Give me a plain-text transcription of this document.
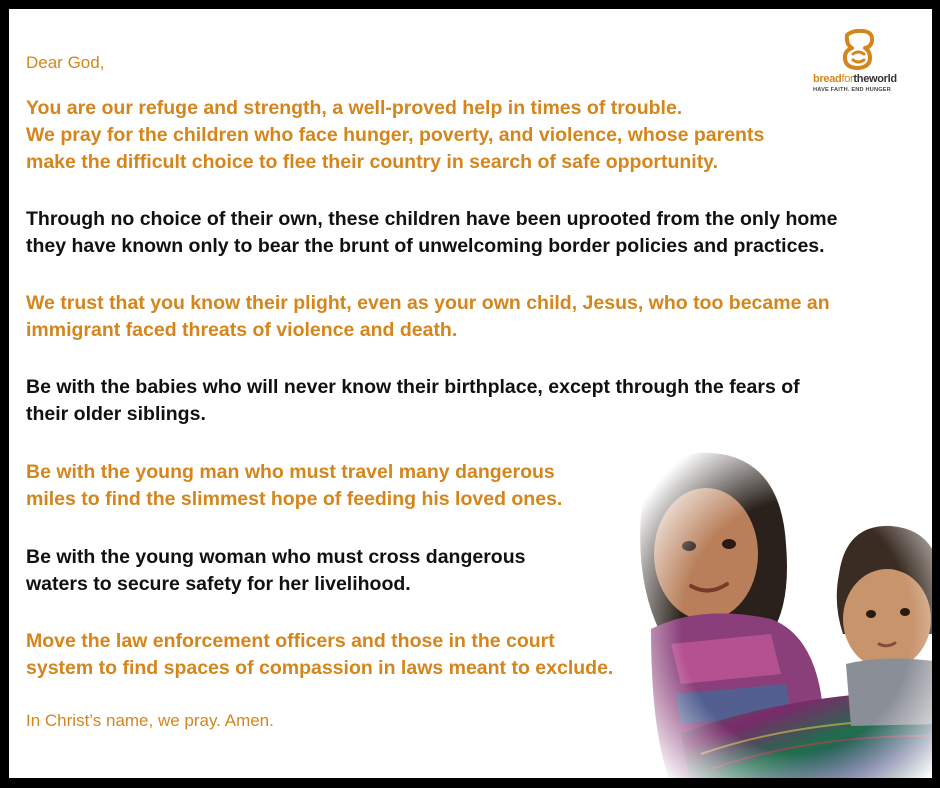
Dear God,

You are our refuge and strength, a well-proved help in times of trouble.
We pray for the children who face hunger, poverty, and violence, whose parents
make the difficult choice to flee their country in search of safe opportunity.
Through no choice of their own, these children have been uprooted from the only home
they have known only to bear the brunt of unwelcoming border policies and practices.
We trust that you know their plight, even as your own child, Jesus, who too became an
immigrant faced threats of violence and death.
Be with the babies who will never know their birthplace, except through the fears of
their older siblings.
Be with the young man who must travel many dangerous
miles to find the slimmest hope of feeding his loved ones.
Be with the young woman who must cross dangerous
waters to secure safety for her livelihood.
Move the law enforcement officers and those in the court
system to find spaces of compassion in laws meant to exclude.

In Christ’s name, we pray. Amen.

breadfortheworld
HAVE FAITH. END HUNGER
